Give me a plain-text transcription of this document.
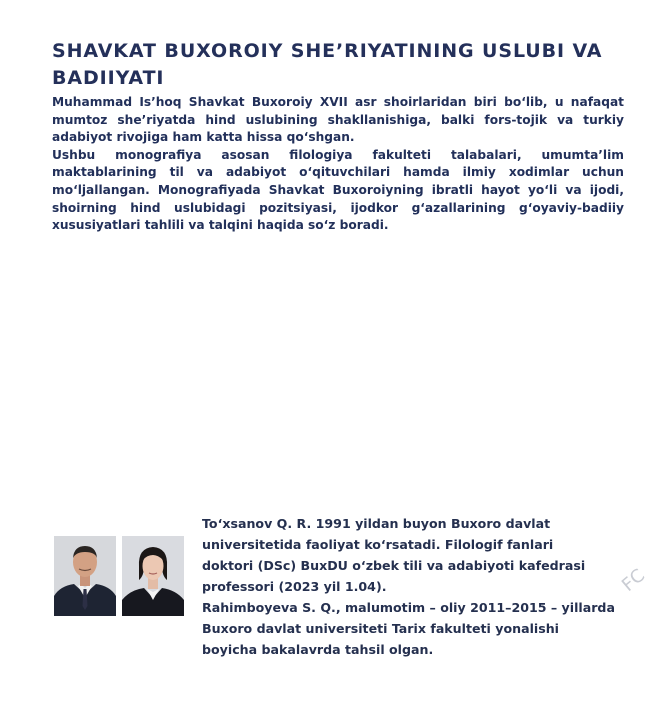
SHAVKAT BUXOROIY SHE’RIYATINING USLUBI VA BADIIYATI

Muhammad Is’hoq Shavkat Buxoroiy XVII asr shoirlaridan biri bo‘lib, u nafaqat mumtoz she’riyatda hind uslubining shakllanishiga, balki fors-tojik va turkiy adabiyot rivojiga ham katta hissa qo‘shgan.

Ushbu monografiya asosan filologiya fakulteti talabalari, umumta’lim maktablarining til va adabiyot o‘qituvchilari hamda ilmiy xodimlar uchun mo‘ljallangan. Monografiyada Shavkat Buxoroiyning ibratli hayot yo‘li va ijodi, shoirning hind uslubidagi pozitsiyasi, ijodkor g‘azallarining g‘oyaviy-badiiy xususiyatlari tahlili va talqini haqida so‘z boradi.

To‘xsanov Q. R. 1991 yildan buyon Buxoro davlat

universitetida faoliyat ko‘rsatadi. Filologif fanlari

doktori (DSc) BuxDU o‘zbek tili va adabiyoti kafedrasi

professori (2023 yil 1.04).

Rahimboyeva S. Q., malumotim – oliy 2011–2015 – yillarda

Buxoro davlat universiteti Tarix fakulteti yonalishi

boyicha bakalavrda tahsil olgan.

FC
